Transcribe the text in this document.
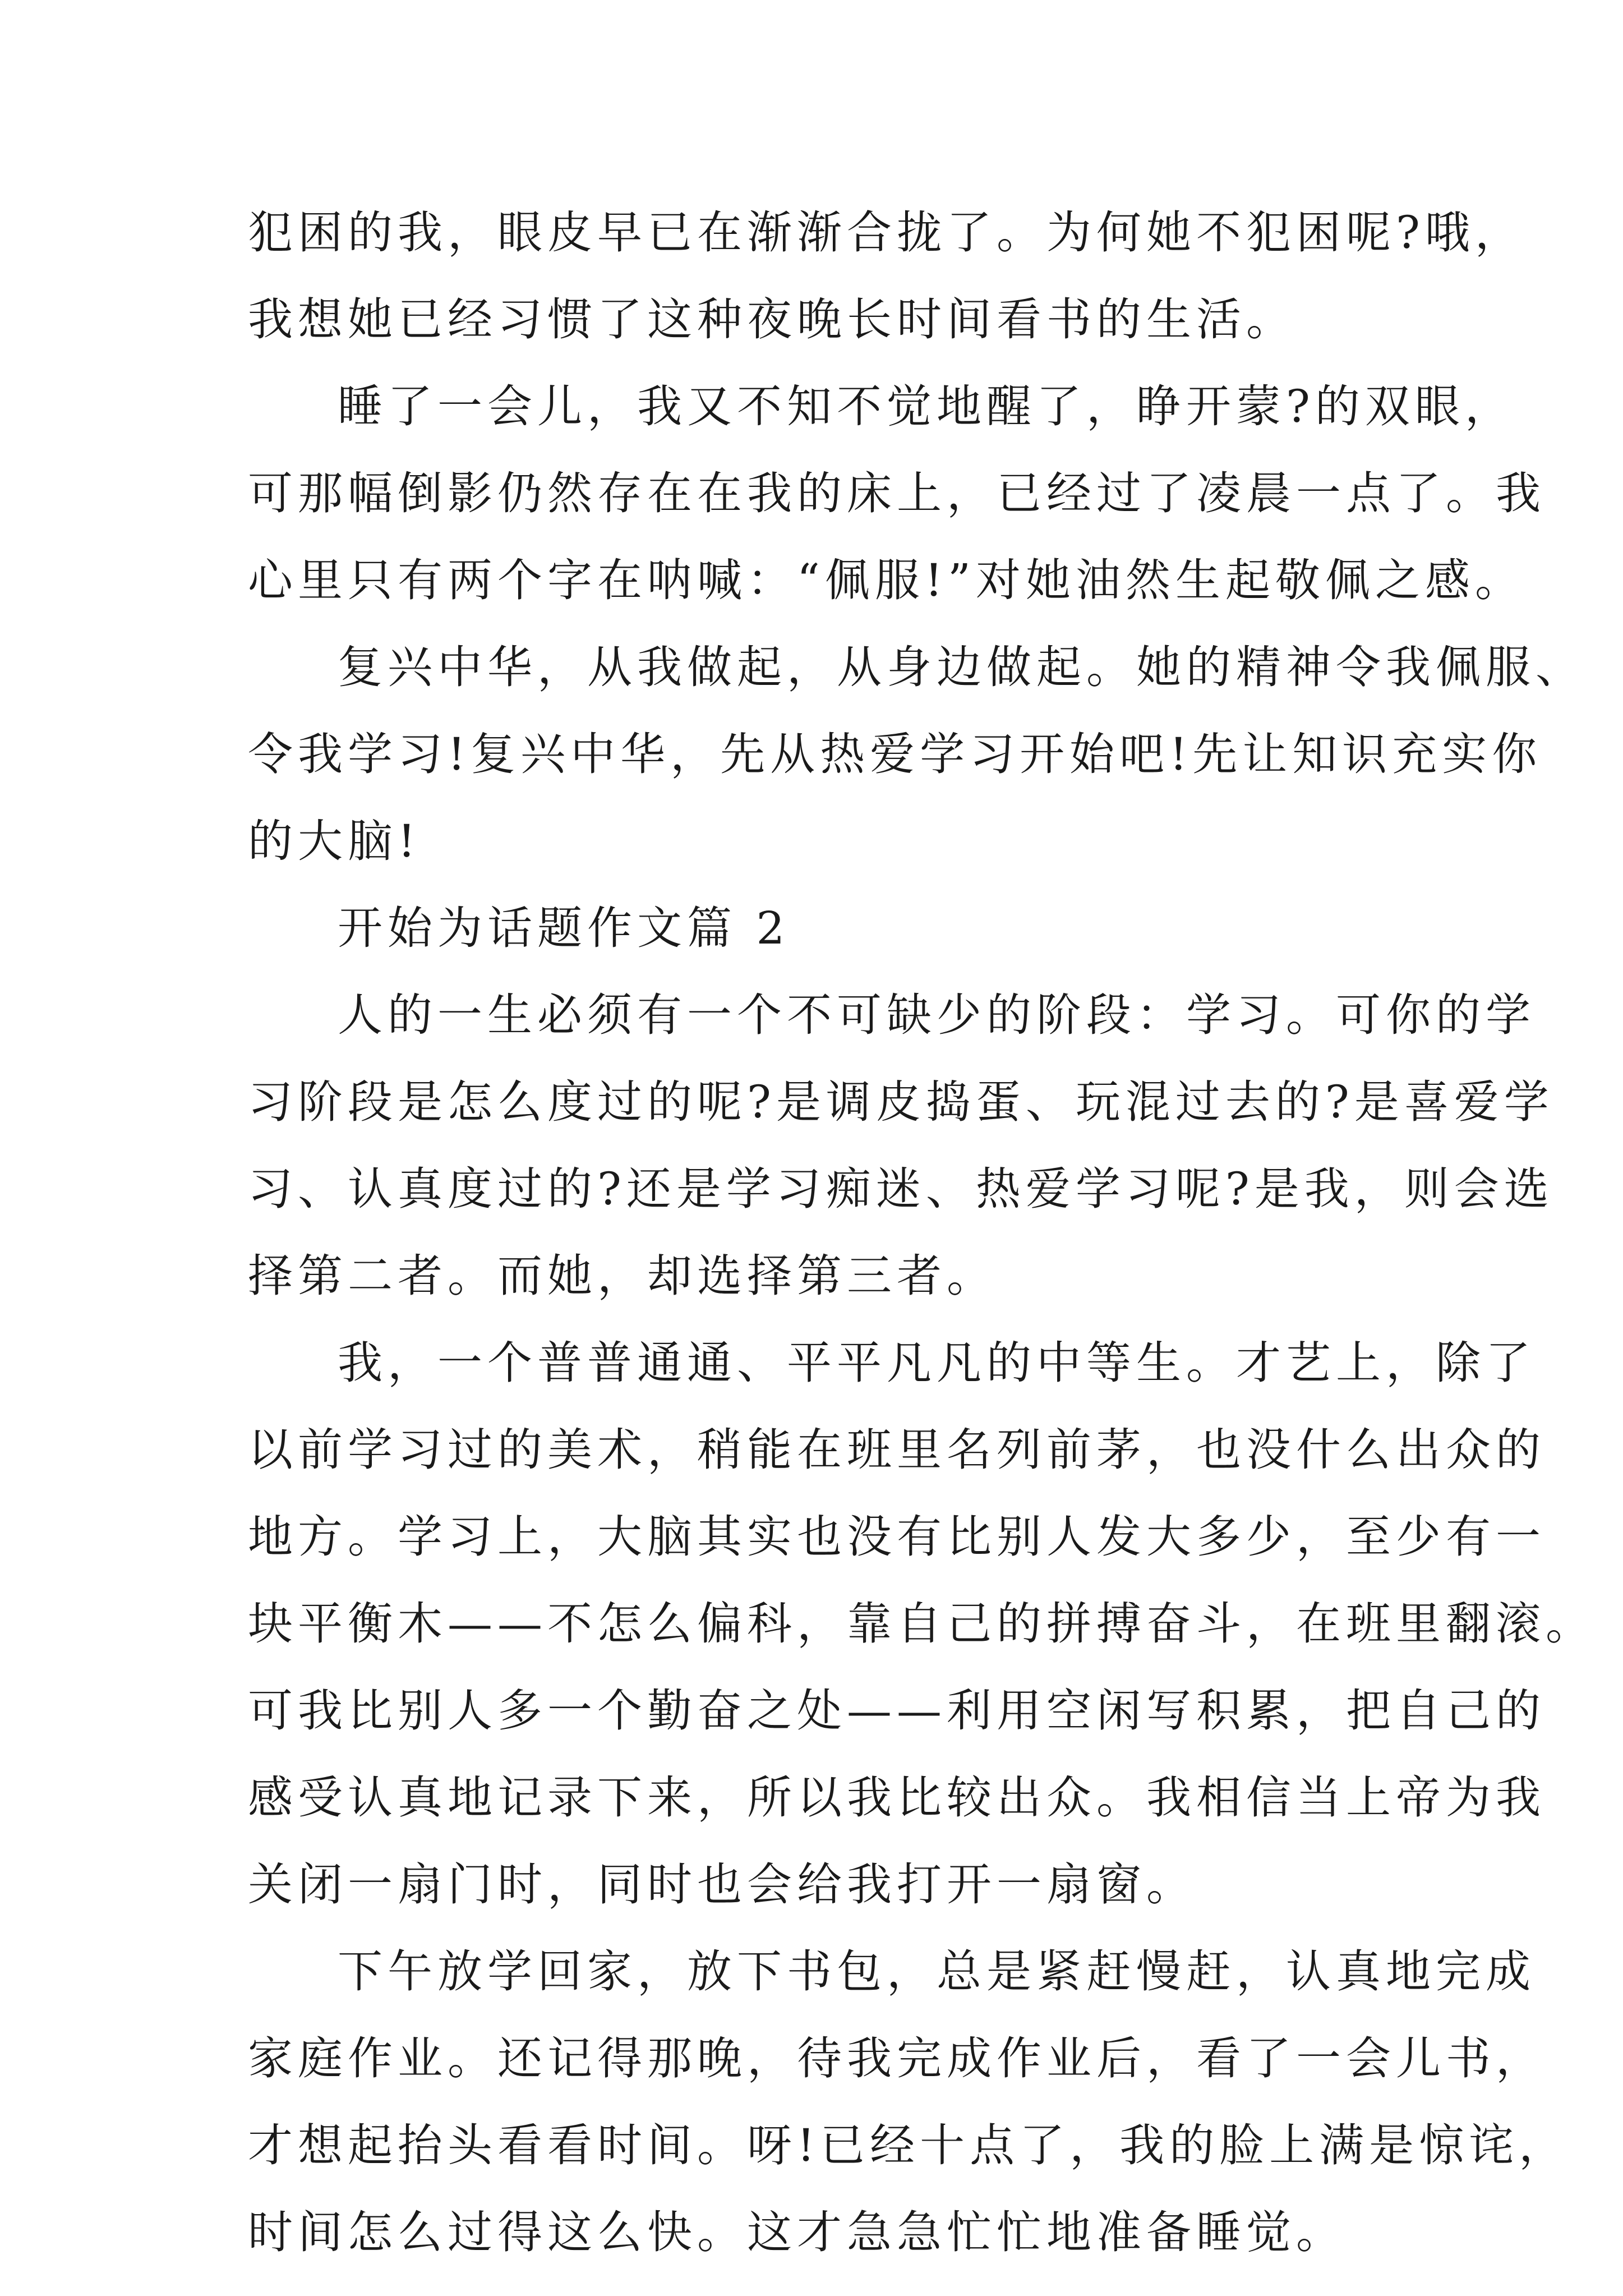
犯困的我，眼皮早已在渐渐合拢了。为何她不犯困呢?哦，
我想她已经习惯了这种夜晚长时间看书的生活。
睡了一会儿，我又不知不觉地醒了，睁开蒙?的双眼，
可那幅倒影仍然存在在我的床上，已经过了凌晨一点了。我
心里只有两个字在呐喊：“佩服!”对她油然生起敬佩之感。
复兴中华，从我做起，从身边做起。她的精神令我佩服、
令我学习!复兴中华，先从热爱学习开始吧!先让知识充实你
的大脑!
开始为话题作文篇 2
人的一生必须有一个不可缺少的阶段：学习。可你的学
习阶段是怎么度过的呢?是调皮捣蛋、玩混过去的?是喜爱学
习、认真度过的?还是学习痴迷、热爱学习呢?是我，则会选
择第二者。而她，却选择第三者。
我，一个普普通通、平平凡凡的中等生。才艺上，除了
以前学习过的美术，稍能在班里名列前茅，也没什么出众的
地方。学习上，大脑其实也没有比别人发大多少，至少有一
块平衡木——不怎么偏科，靠自己的拼搏奋斗，在班里翻滚。
可我比别人多一个勤奋之处——利用空闲写积累，把自己的
感受认真地记录下来，所以我比较出众。我相信当上帝为我
关闭一扇门时，同时也会给我打开一扇窗。
下午放学回家，放下书包，总是紧赶慢赶，认真地完成
家庭作业。还记得那晚，待我完成作业后，看了一会儿书，
才想起抬头看看时间。呀!已经十点了，我的脸上满是惊诧，
时间怎么过得这么快。这才急急忙忙地准备睡觉。
